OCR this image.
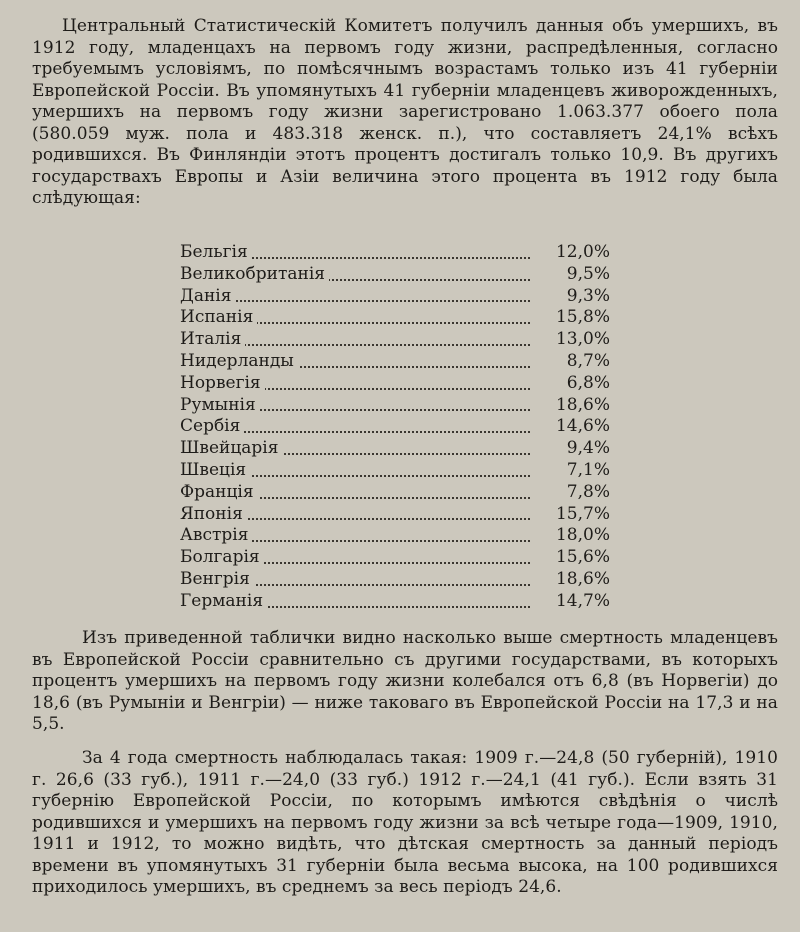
Центральный Статистическій Комитетъ получилъ данныя объ умершихъ, въ 1912 году, младенцахъ на первомъ году жизни, распредѣленныя, согласно требуемымъ условіямъ, по помѣсячнымъ возрастамъ только изъ 41 губерніи Европейской Россіи. Въ упомянутыхъ 41 губерніи младенцевъ живорожденныхъ, умершихъ на первомъ году жизни зарегистровано 1.063.377 обоего пола (580.059 муж. пола и 483.318 женск. п.), что составляетъ 24,1% всѣхъ родившихся. Въ Финляндіи этотъ процентъ достигалъ только 10,9. Въ другихъ государствахъ Европы и Азіи величина этого процента въ 1912 году была слѣдующая:

Бельгія	12,0%
Великобританія	9,5%
Данія	9,3%
Испанія	15,8%
Италія	13,0%
Нидерланды	8,7%
Норвегія	6,8%
Румынія	18,6%
Сербія	14,6%
Швейцарія	9,4%
Швеція	7,1%
Франція	7,8%
Японія	15,7%
Австрія	18,0%
Болгарія	15,6%
Венгрія	18,6%
Германія	14,7%

Изъ приведенной таблички видно насколько выше смертность младенцевъ въ Европейской Россіи сравнительно съ другими государствами, въ которыхъ процентъ умершихъ на первомъ году жизни колебался отъ 6,8 (въ Норвегіи) до 18,6 (въ Румыніи и Венгріи) — ниже таковаго въ Европейской Россіи на 17,3 и на 5,5.

За 4 года смертность наблюдалась такая: 1909 г.—24,8 (50 губерній), 1910 г. 26,6 (33 губ.), 1911 г.—24,0 (33 губ.) 1912 г.—24,1 (41 губ.). Если взять 31 губернію Европейской Россіи, по которымъ имѣются свѣдѣнія о числѣ родившихся и умершихъ на первомъ году жизни за всѣ четыре года—1909, 1910, 1911 и 1912, то можно видѣть, что дѣтская смертность за данный періодъ времени въ упомянутыхъ 31 губерніи была весьма высока, на 100 родившихся приходилось умершихъ, въ среднемъ за весь періодъ 24,6.
